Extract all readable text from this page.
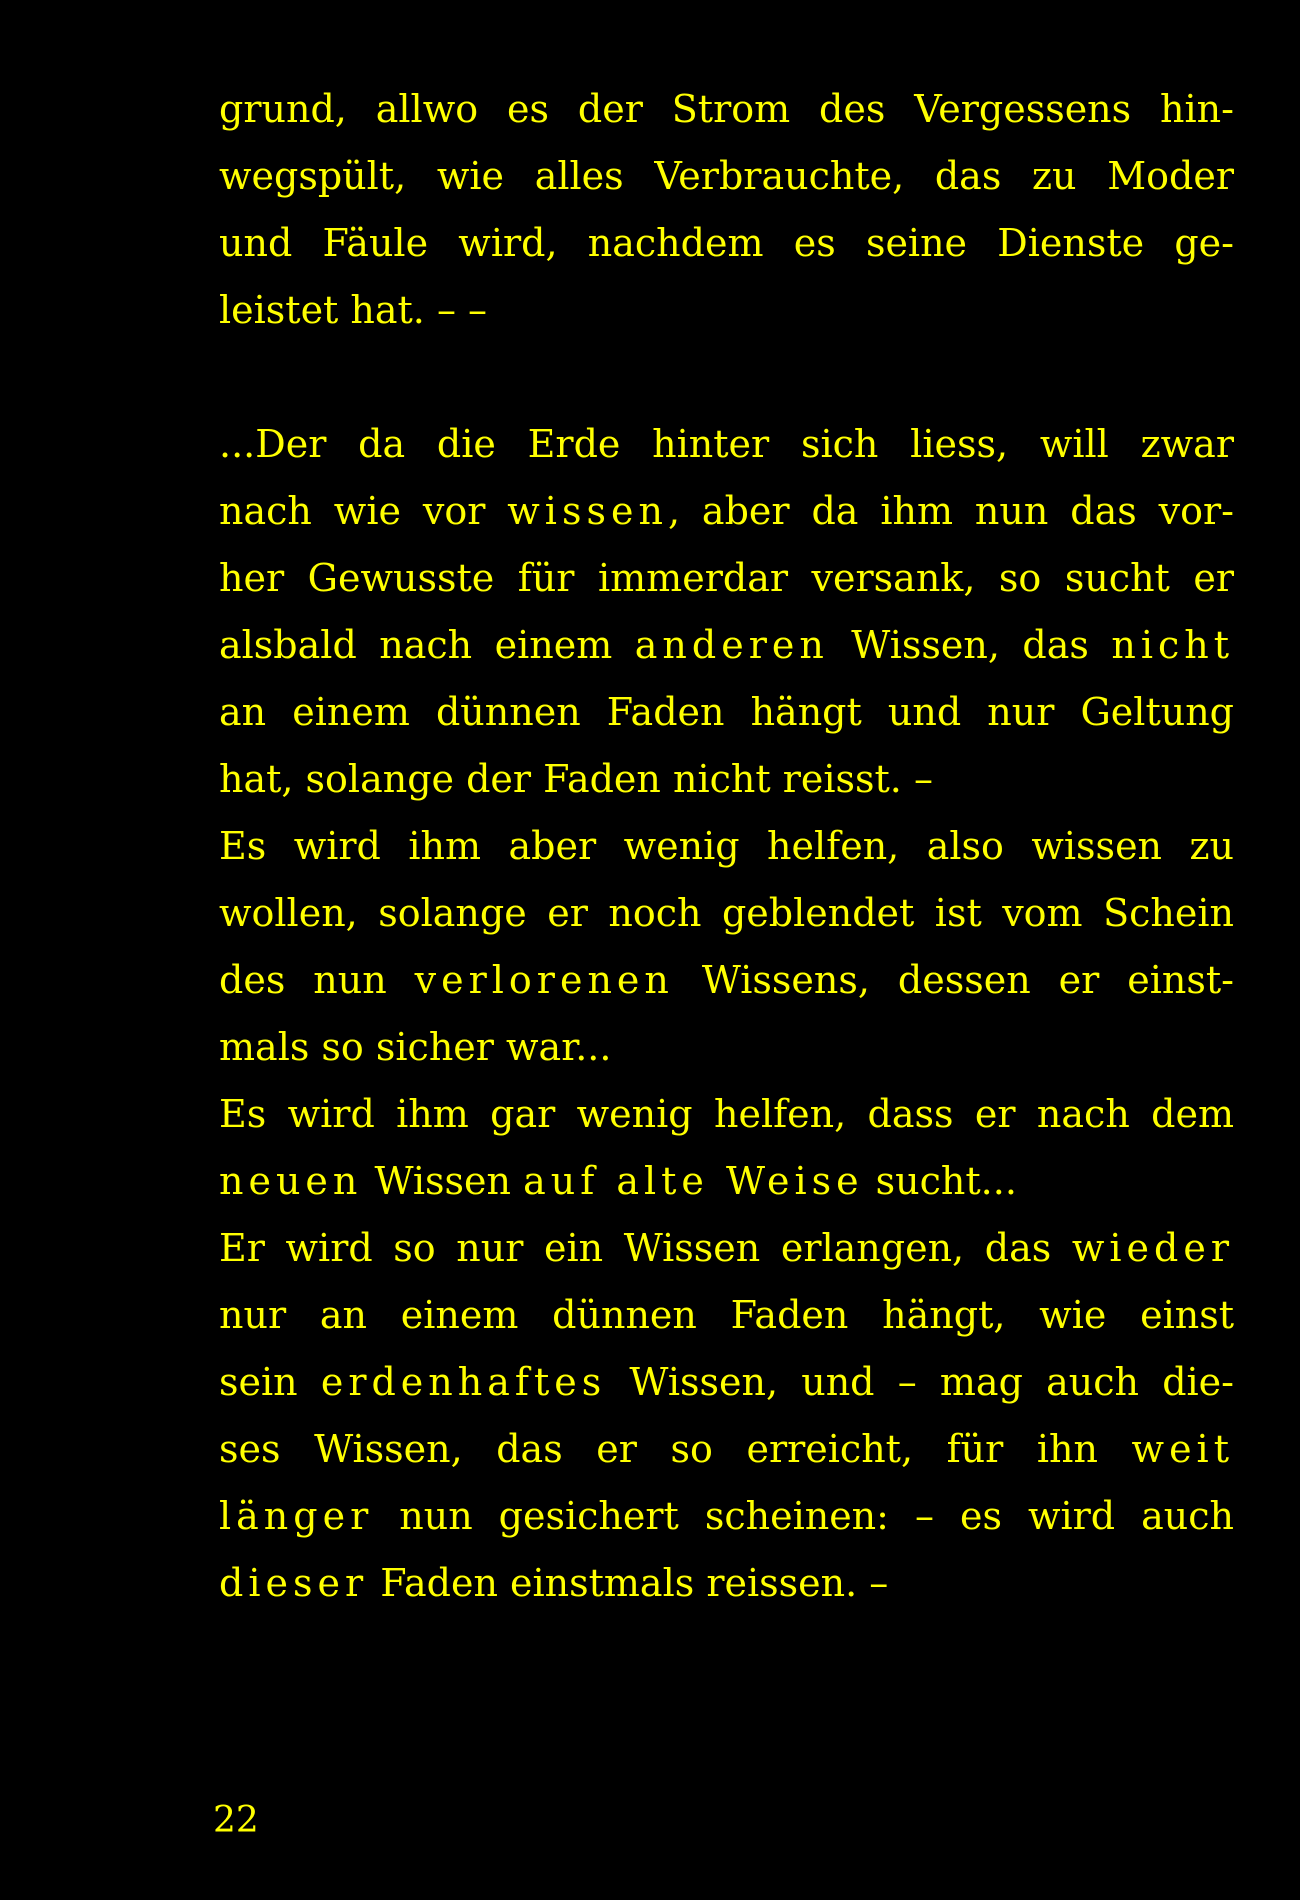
grund, allwo es der Strom des Vergessens hin-
wegspült, wie alles Verbrauchte, das zu Moder
und Fäule wird, nachdem es seine Dienste ge-
leistet hat. – –
...Der da die Erde hinter sich liess, will zwar
nach wie vor wissen, aber da ihm nun das vor-
her Gewusste für immerdar versank, so sucht er
alsbald nach einem anderen Wissen, das nicht
an einem dünnen Faden hängt und nur Geltung
hat, solange der Faden nicht reisst. –
Es wird ihm aber wenig helfen, also wissen zu
wollen, solange er noch geblendet ist vom Schein
des nun verlorenen Wissens, dessen er einst-
mals so sicher war...
Es wird ihm gar wenig helfen, dass er nach dem
neuen Wissen auf alte Weise sucht...
Er wird so nur ein Wissen erlangen, das wieder
nur an einem dünnen Faden hängt, wie einst
sein erdenhaftes Wissen, und – mag auch die-
ses Wissen, das er so erreicht, für ihn weit
länger nun gesichert scheinen: – es wird auch
dieser Faden einstmals reissen. –
22
